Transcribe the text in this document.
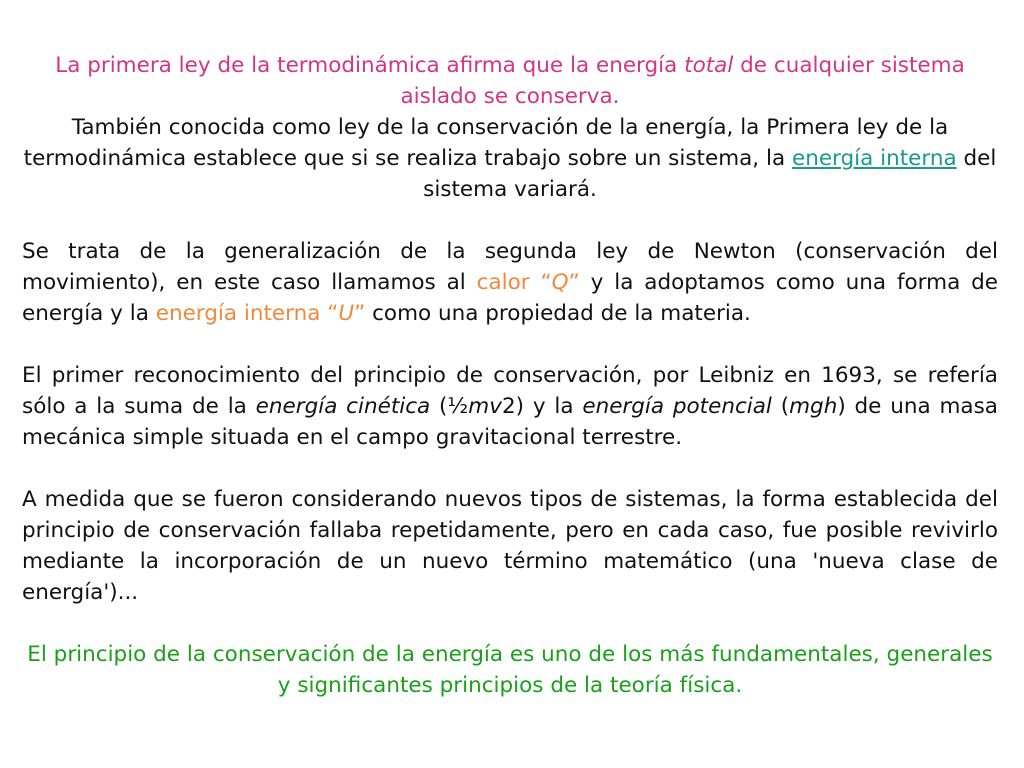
La primera ley de la termodinámica afirma que la energía total de cualquier sistema aislado se conserva.

También conocida como ley de la conservación de la energía, la Primera ley de la termodinámica establece que si se realiza trabajo sobre un sistema, la energía interna del sistema variará.

Se trata de la generalización de la segunda ley de Newton (conservación del movimiento), en este caso llamamos al calor “Q” y la adoptamos como una forma de energía y la energía interna “U” como una propiedad de la materia.

El primer reconocimiento del principio de conservación, por Leibniz en 1693, se refería sólo a la suma de la energía cinética (½mv2) y la energía potencial (mgh) de una masa mecánica simple situada en el campo gravitacional terrestre.

A medida que se fueron considerando nuevos tipos de sistemas, la forma establecida del principio de conservación fallaba repetidamente, pero en cada caso, fue posible revivirlo mediante la incorporación de un nuevo término matemático (una 'nueva clase de energía')...

El principio de la conservación de la energía es uno de los más fundamentales, generales y significantes principios de la teoría física.
